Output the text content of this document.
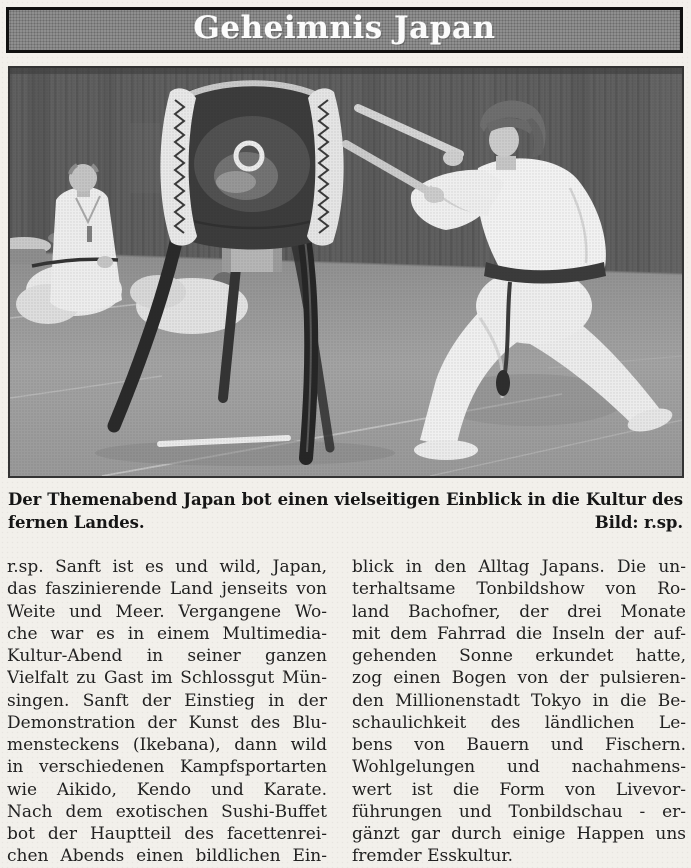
Geheimnis Japan
Der Themenabend Japan bot einen vielseitigen Einblick in die Kultur des
fernen Landes.	Bild: r.sp.
r.sp. Sanft ist es und wild, Japan,
das faszinierende Land jenseits von
Weite und Meer. Vergangene Wo-
che war es in einem Multimedia-
Kultur-Abend in seiner ganzen
Vielfalt zu Gast im Schlossgut Mün-
singen. Sanft der Einstieg in der
Demonstration der Kunst des Blu-
mensteckens (Ikebana), dann wild
in verschiedenen Kampfsportarten
wie Aikido, Kendo und Karate.
Nach dem exotischen Sushi-Buffet
bot der Hauptteil des facettenrei-
chen Abends einen bildlichen Ein-
blick in den Alltag Japans. Die un-
terhaltsame Tonbildshow von Ro-
land Bachofner, der drei Monate
mit dem Fahrrad die Inseln der auf-
gehenden Sonne erkundet hatte,
zog einen Bogen von der pulsieren-
den Millionenstadt Tokyo in die Be-
schaulichkeit des ländlichen Le-
bens von Bauern und Fischern.
Wohlgelungen und nachahmens-
wert ist die Form von Livevor-
führungen und Tonbildschau - er-
gänzt gar durch einige Happen uns
fremder Esskultur.
